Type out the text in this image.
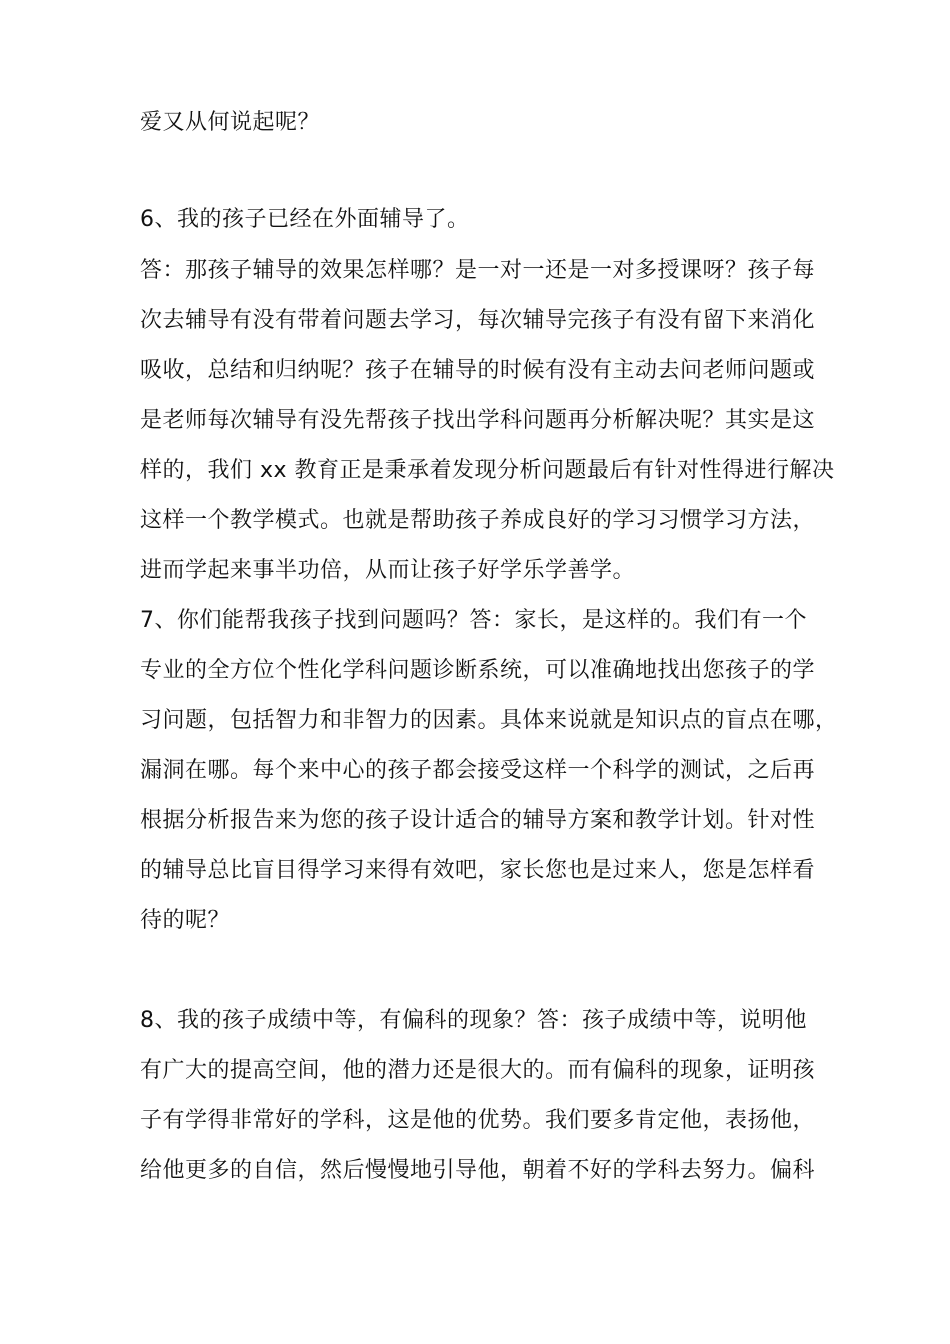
爱又从何说起呢？
6、我的孩子已经在外面辅导了。
答：那孩子辅导的效果怎样哪？是一对一还是一对多授课呀？孩子每
次去辅导有没有带着问题去学习，每次辅导完孩子有没有留下来消化
吸收，总结和归纳呢？孩子在辅导的时候有没有主动去问老师问题或
是老师每次辅导有没先帮孩子找出学科问题再分析解决呢？其实是这
样的，我们 xx 教育正是秉承着发现分析问题最后有针对性得进行解决
这样一个教学模式。也就是帮助孩子养成良好的学习习惯学习方法，
进而学起来事半功倍，从而让孩子好学乐学善学。
7、你们能帮我孩子找到问题吗？答：家长，是这样的。我们有一个
专业的全方位个性化学科问题诊断系统，可以准确地找出您孩子的学
习问题，包括智力和非智力的因素。具体来说就是知识点的盲点在哪，
漏洞在哪。每个来中心的孩子都会接受这样一个科学的测试，之后再
根据分析报告来为您的孩子设计适合的辅导方案和教学计划。针对性
的辅导总比盲目得学习来得有效吧，家长您也是过来人，您是怎样看
待的呢？
8、我的孩子成绩中等，有偏科的现象？答：孩子成绩中等，说明他
有广大的提高空间，他的潜力还是很大的。而有偏科的现象，证明孩
子有学得非常好的学科，这是他的优势。我们要多肯定他，表扬他，
给他更多的自信，然后慢慢地引导他，朝着不好的学科去努力。偏科
